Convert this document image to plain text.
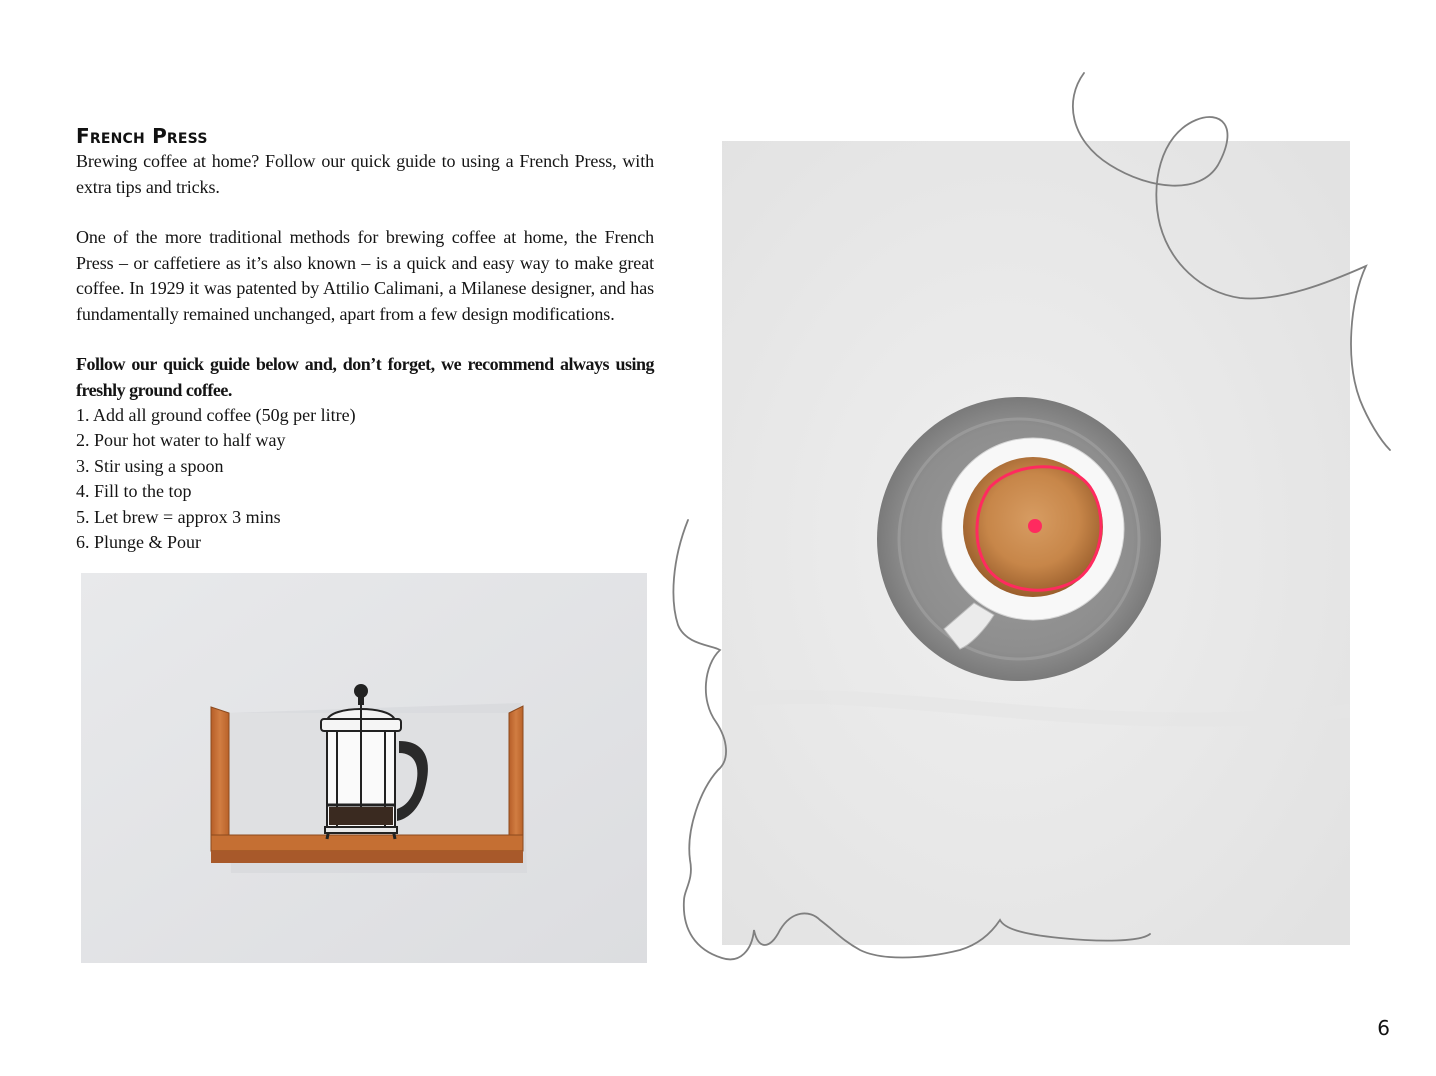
French Press

Brewing coffee at home? Follow our quick guide to using a French Press, with extra tips and tricks.

One of the more traditional methods for brewing coffee at home, the French Press – or caffetiere as it’s also known – is a quick and easy way to make great coffee. In 1929 it was patented by Attilio Calimani, a Milanese designer, and has fundamentally remained unchanged, apart from a few design modifications.

Follow our quick guide below and, don’t forget, we recommend always using freshly ground coffee.

1. Add all ground coffee (50g per litre)
2. Pour hot water to half way
3. Stir using a spoon
4. Fill to the top
5. Let brew = approx 3 mins
6. Plunge & Pour
6
